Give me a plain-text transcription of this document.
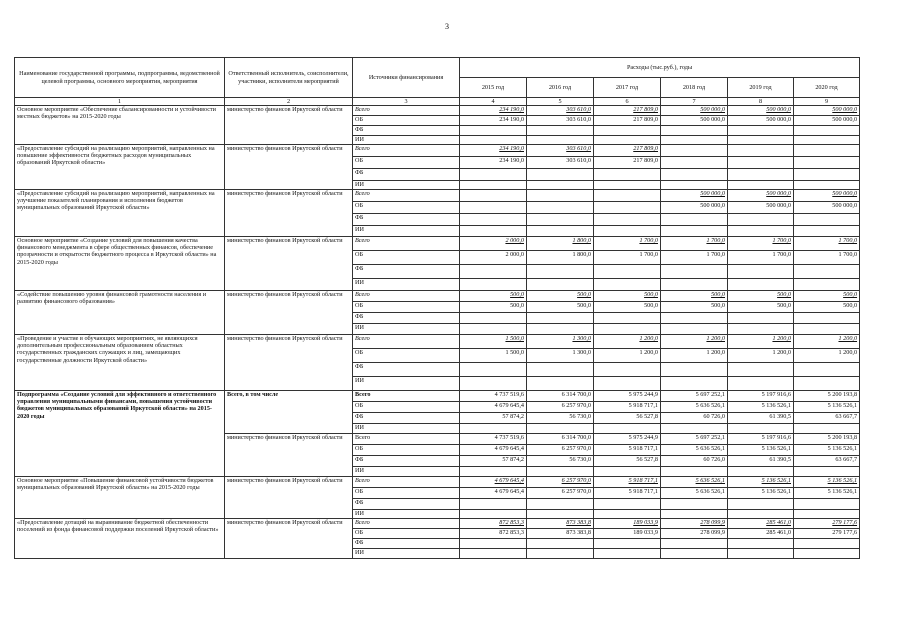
3
Наименование государственной программы, подпрограммы, ведомственной целевой программы, основного мероприятия, мероприятия	Ответственный исполнитель, соисполнители, участники, исполнители мероприятий	Источники финансирования	Расходы (тыс.руб.), годы					
			2015 год	2016 год	2017 год	2018 год	2019 год	2020 год
1	2	3	4	5	6	7	8	9
Основное мероприятие «Обеспечение сбалансированности и устойчивости местных бюджетов» на 2015-2020 годы	министерство финансов Иркутской области	Всего	234 190,0	303 610,0	217 809,0	500 000,0	500 000,0	500 000,0
		ОБ	234 190,0	303 610,0	217 809,0	500 000,0	500 000,0	500 000,0
		ФБ						
		ИИ						
«Предоставление субсидий на реализацию мероприятий, направленных на повышение эффективности бюджетных расходов муниципальных образований Иркутской области»	министерство финансов Иркутской области	Всего	234 190,0	303 610,0	217 809,0			
		ОБ	234 190,0	303 610,0	217 809,0			
		ФБ						
		ИИ						
«Предоставление субсидий на реализацию мероприятий, направленных на улучшение показателей планирования и исполнения бюджетов муниципальных образований Иркутской области»	министерство финансов Иркутской области	Всего				500 000,0	500 000,0	500 000,0
		ОБ				500 000,0	500 000,0	500 000,0
		ФБ						
		ИИ						
Основное мероприятие «Создание условий для повышения качества финансового менеджмента в сфере общественных финансов, обеспечение прозрачности и открытости бюджетного процесса в Иркутской области» на 2015-2020 годы	министерство финансов Иркутской области	Всего	2 000,0	1 800,0	1 700,0	1 700,0	1 700,0	1 700,0
		ОБ	2 000,0	1 800,0	1 700,0	1 700,0	1 700,0	1 700,0
		ФБ						
		ИИ						
«Содействие повышению уровня финансовой грамотности населения и развитию финансового образования»	министерство финансов Иркутской области	Всего	500,0	500,0	500,0	500,0	500,0	500,0
		ОБ	500,0	500,0	500,0	500,0	500,0	500,0
		ФБ						
		ИИ						
«Проведение и участие в обучающих мероприятиях, не являющихся дополнительным профессиональным образованием областных государственных гражданских служащих и лиц, замещающих государственные должности Иркутской области»	министерство финансов Иркутской области	Всего	1 500,0	1 300,0	1 200,0	1 200,0	1 200,0	1 200,0
		ОБ	1 500,0	1 300,0	1 200,0	1 200,0	1 200,0	1 200,0
		ФБ						
		ИИ						
Подпрограмма «Создание условий для эффективного и ответственного управления муниципальными финансами, повышения устойчивости бюджетов муниципальных образований Иркутской области» на 2015-2020 годы	Всего, в том числе	Всего	4 737 519,6	6 314 700,0	5 975 244,9	5 697 252,1	5 197 916,6	5 200 193,8
		ОБ	4 679 645,4	6 257 970,0	5 918 717,1	5 636 526,1	5 136 526,1	5 136 526,1
		ФБ	57 874,2	56 730,0	56 527,8	60 726,0	61 390,5	63 667,7
		ИИ						
	министерство финансов Иркутской области	Всего	4 737 519,6	6 314 700,0	5 975 244,9	5 697 252,1	5 197 916,6	5 200 193,8
		ОБ	4 679 645,4	6 257 970,0	5 918 717,1	5 636 526,1	5 136 526,1	5 136 526,1
		ФБ	57 874,2	56 730,0	56 527,8	60 726,0	61 390,5	63 667,7
		ИИ						
Основное мероприятие «Повышение финансовой устойчивости бюджетов муниципальных образований Иркутской области» на 2015-2020 годы	министерство финансов Иркутской области	Всего	4 679 645,4	6 257 970,0	5 918 717,1	5 636 526,1	5 136 526,1	5 136 526,1
		ОБ	4 679 645,4	6 257 970,0	5 918 717,1	5 636 526,1	5 136 526,1	5 136 526,1
		ФБ						
		ИИ						
«Предоставление дотаций на выравнивание бюджетной обеспеченности поселений из фонда финансовой поддержки поселений Иркутской области»	министерство финансов Иркутской области	Всего	872 853,3	873 383,8	189 033,9	278 099,9	285 461,0	279 177,6
		ОБ	872 853,3	873 383,8	189 033,9	278 099,9	285 461,0	279 177,6
		ФБ						
		ИИ						
